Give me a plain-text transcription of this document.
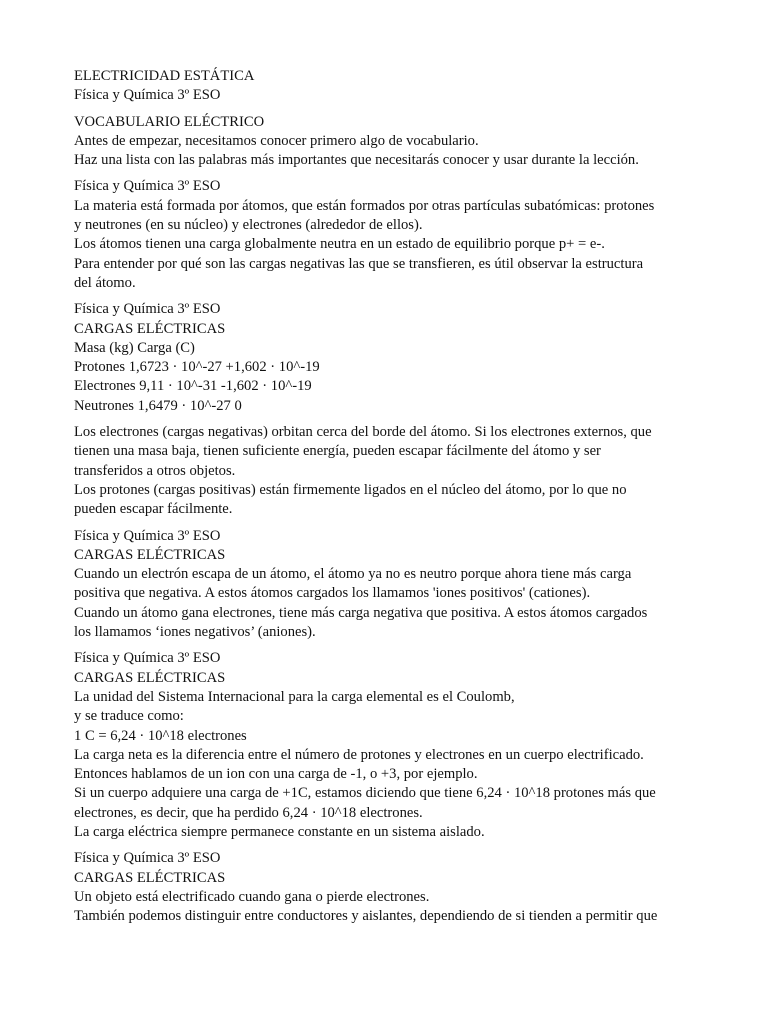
ELECTRICIDAD ESTÁTICA
Física y Química 3º ESO
VOCABULARIO ELÉCTRICO
Antes de empezar, necesitamos conocer primero algo de vocabulario.
Haz una lista con las palabras más importantes que necesitarás conocer y usar durante la lección.
Física y Química 3º ESO
La materia está formada por átomos, que están formados por otras partículas subatómicas: protones
y neutrones (en su núcleo) y electrones (alrededor de ellos).
Los átomos tienen una carga globalmente neutra en un estado de equilibrio porque p+ = e-.
Para entender por qué son las cargas negativas las que se transfieren, es útil observar la estructura
del átomo.
Física y Química 3º ESO
CARGAS ELÉCTRICAS
Masa (kg) Carga (C)
Protones 1,6723 · 10^-27 +1,602 · 10^-19
Electrones 9,11 · 10^-31 -1,602 · 10^-19
Neutrones 1,6479 · 10^-27 0
Los electrones (cargas negativas) orbitan cerca del borde del átomo. Si los electrones externos, que
tienen una masa baja, tienen suficiente energía, pueden escapar fácilmente del átomo y ser
transferidos a otros objetos.
Los protones (cargas positivas) están firmemente ligados en el núcleo del átomo, por lo que no
pueden escapar fácilmente.
Física y Química 3º ESO
CARGAS ELÉCTRICAS
Cuando un electrón escapa de un átomo, el átomo ya no es neutro porque ahora tiene más carga
positiva que negativa. A estos átomos cargados los llamamos 'iones positivos' (cationes).
Cuando un átomo gana electrones, tiene más carga negativa que positiva. A estos átomos cargados
los llamamos ‘iones negativos’ (aniones).
Física y Química 3º ESO
CARGAS ELÉCTRICAS
La unidad del Sistema Internacional para la carga elemental es el Coulomb,
y se traduce como:
1 C = 6,24 · 10^18 electrones
La carga neta es la diferencia entre el número de protones y electrones en un cuerpo electrificado.
Entonces hablamos de un ion con una carga de -1, o +3, por ejemplo.
Si un cuerpo adquiere una carga de +1C, estamos diciendo que tiene 6,24 · 10^18 protones más que
electrones, es decir, que ha perdido 6,24 · 10^18 electrones.
La carga eléctrica siempre permanece constante en un sistema aislado.
Física y Química 3º ESO
CARGAS ELÉCTRICAS
Un objeto está electrificado cuando gana o pierde electrones.
También podemos distinguir entre conductores y aislantes, dependiendo de si tienden a permitir que
